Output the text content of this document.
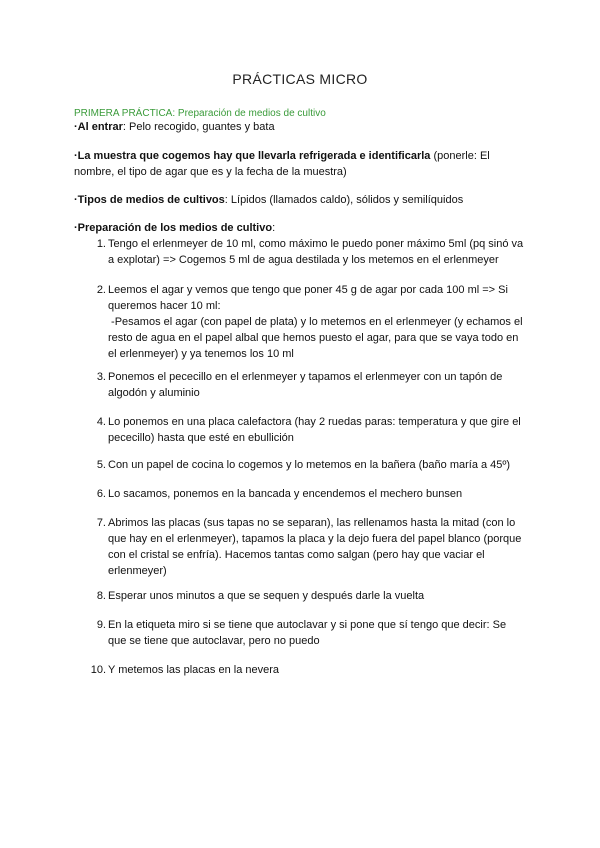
PRÁCTICAS MICRO
PRIMERA PRÁCTICA: Preparación de medios de cultivo
·Al entrar: Pelo recogido, guantes y bata
·La muestra que cogemos hay que llevarla refrigerada e identificarla (ponerle: El
nombre, el tipo de agar que es y la fecha de la muestra)
·Tipos de medios de cultivos: Lípidos (llamados caldo), sólidos y semilíquidos
·Preparación de los medios de cultivo:
1. Tengo el erlenmeyer de 10 ml, como máximo le puedo poner máximo 5ml (pq sinó va
a explotar) => Cogemos 5 ml de agua destilada y los metemos en el erlenmeyer
2. Leemos el agar y vemos que tengo que poner 45 g de agar por cada 100 ml => Si
queremos hacer 10 ml:
-Pesamos el agar (con papel de plata) y lo metemos en el erlenmeyer (y echamos el
resto de agua en el papel albal que hemos puesto el agar, para que se vaya todo en
el erlenmeyer) y ya tenemos los 10 ml
3. Ponemos el pececillo en el erlenmeyer y tapamos el erlenmeyer con un tapón de
algodón y aluminio
4. Lo ponemos en una placa calefactora (hay 2 ruedas paras: temperatura y que gire el
pececillo) hasta que esté en ebullición
5. Con un papel de cocina lo cogemos y lo metemos en la bañera (baño maría a 45º)
6. Lo sacamos, ponemos en la bancada y encendemos el mechero bunsen
7. Abrimos las placas (sus tapas no se separan), las rellenamos hasta la mitad (con lo
que hay en el erlenmeyer), tapamos la placa y la dejo fuera del papel blanco (porque
con el cristal se enfría). Hacemos tantas como salgan (pero hay que vaciar el
erlenmeyer)
8. Esperar unos minutos a que se sequen y después darle la vuelta
9. En la etiqueta miro si se tiene que autoclavar y si pone que sí tengo que decir: Se
que se tiene que autoclavar, pero no puedo
10. Y metemos las placas en la nevera
